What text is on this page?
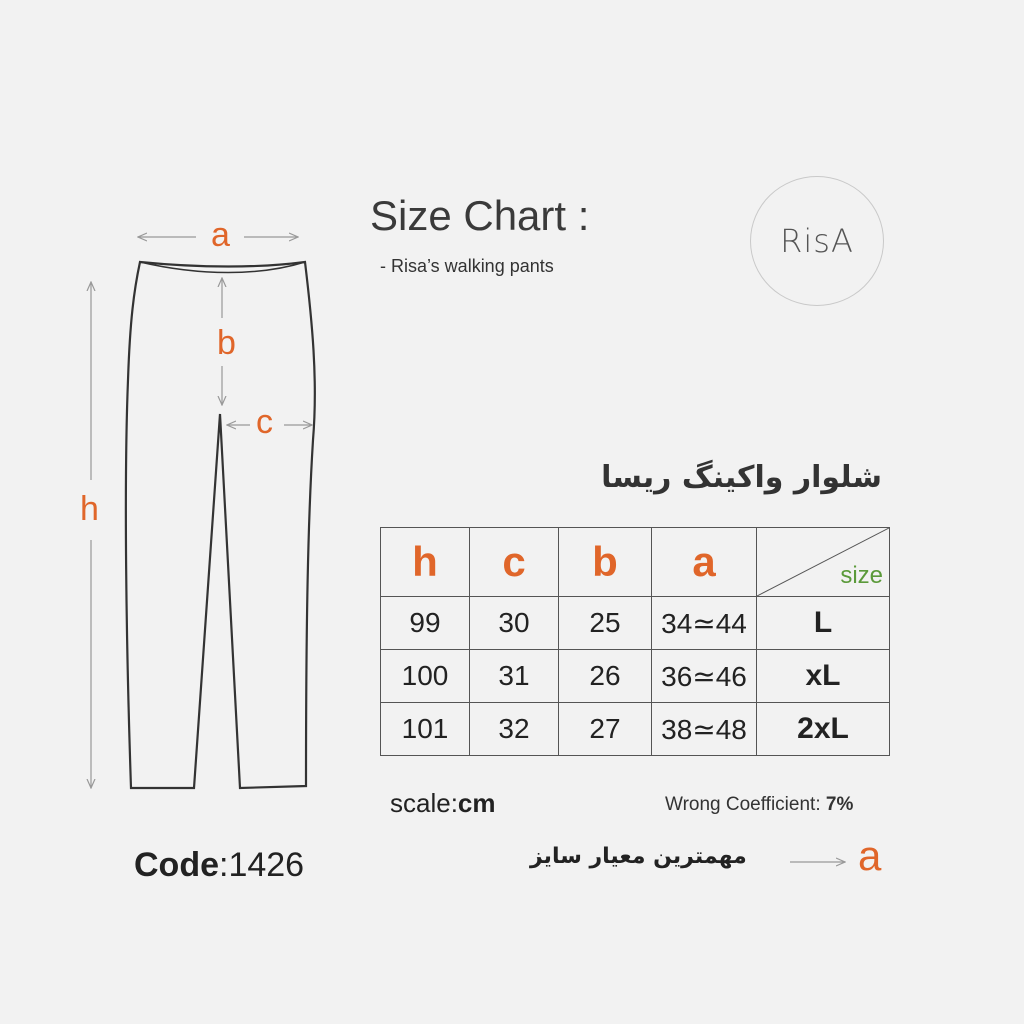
a
b
c
h
Size Chart :
- Risa’s walking pants
RisA
شلوار واکینگ ریسا
h	c	b	a	size

99	30	25	34≃44	L
100	31	26	36≃46	xL
101	32	27	38≃48	2xL
scale:cm	Wrong Coefficient: 7%
Code:1426	مهمترین معیار سایز	a
